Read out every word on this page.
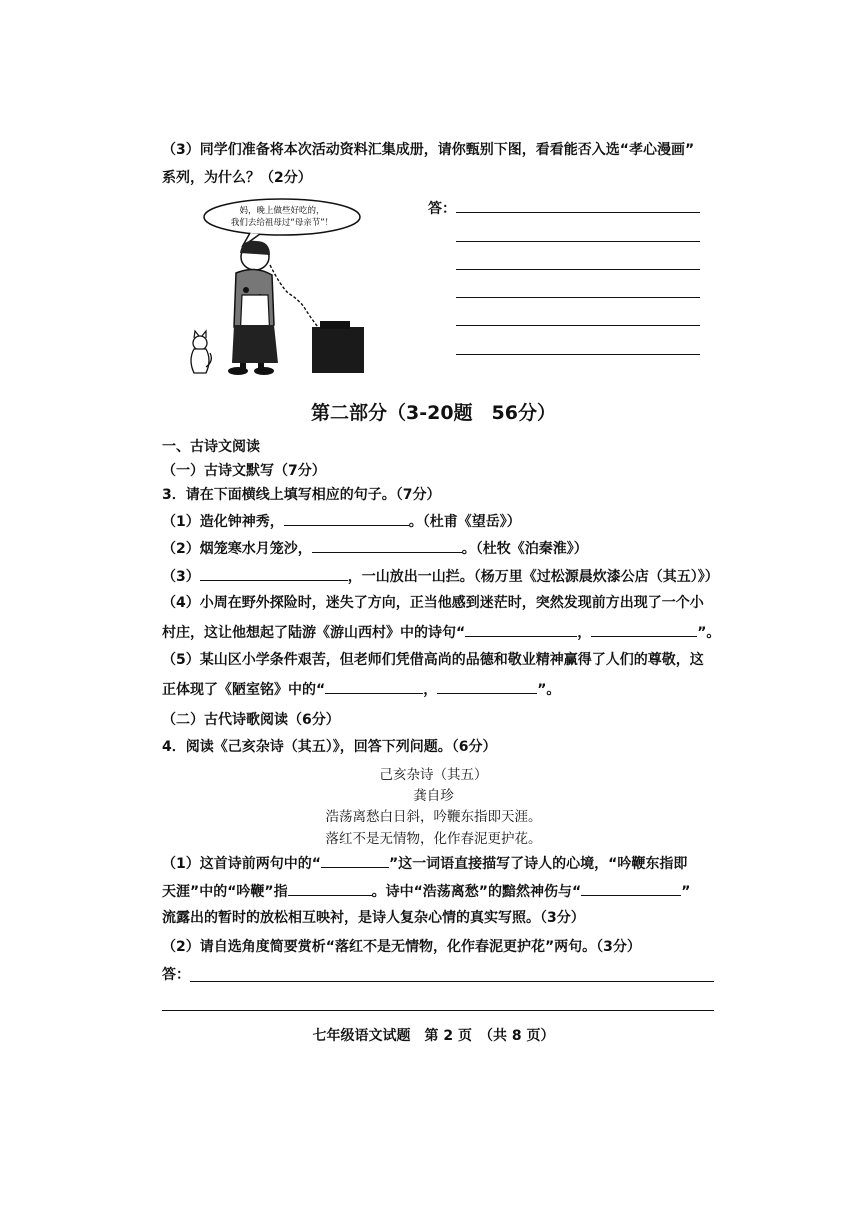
（3）同学们准备将本次活动资料汇集成册，请你甄别下图，看看能否入选“孝心漫画”
系列，为什么？（2分）
妈，晚上做些好吃的，
我们去给祖母过“母亲节”！
答：
第二部分（3-20题　56分）
一、古诗文阅读
（一）古诗文默写（7分）
3．请在下面横线上填写相应的句子。（7分）
（1）造化钟神秀，	。（杜甫《望岳》）
（2）烟笼寒水月笼沙，	。（杜牧《泊秦淮》）
（3）	，一山放出一山拦。（杨万里《过松源晨炊漆公店（其五）》）
（4）小周在野外探险时，迷失了方向，正当他感到迷茫时，突然发现前方出现了一个小
村庄，这让他想起了陆游《游山西村》中的诗句“	，	”。
（5）某山区小学条件艰苦，但老师们凭借高尚的品德和敬业精神赢得了人们的尊敬，这
正体现了《陋室铭》中的“	，	”。
（二）古代诗歌阅读（6分）
4．阅读《己亥杂诗（其五）》，回答下列问题。（6分）
己亥杂诗（其五）
龚自珍
浩荡离愁白日斜，吟鞭东指即天涯。
落红不是无情物，化作春泥更护花。
（1）这首诗前两句中的“	”这一词语直接描写了诗人的心境，“吟鞭东指即
天涯”中的“吟鞭”指	。诗中“浩荡离愁”的黯然神伤与“	”
流露出的暂时的放松相互映衬，是诗人复杂心情的真实写照。（3分）
（2）请自选角度简要赏析“落红不是无情物，化作春泥更护花”两句。（3分）
答：
七年级语文试题　第 2 页　（共 8 页）
